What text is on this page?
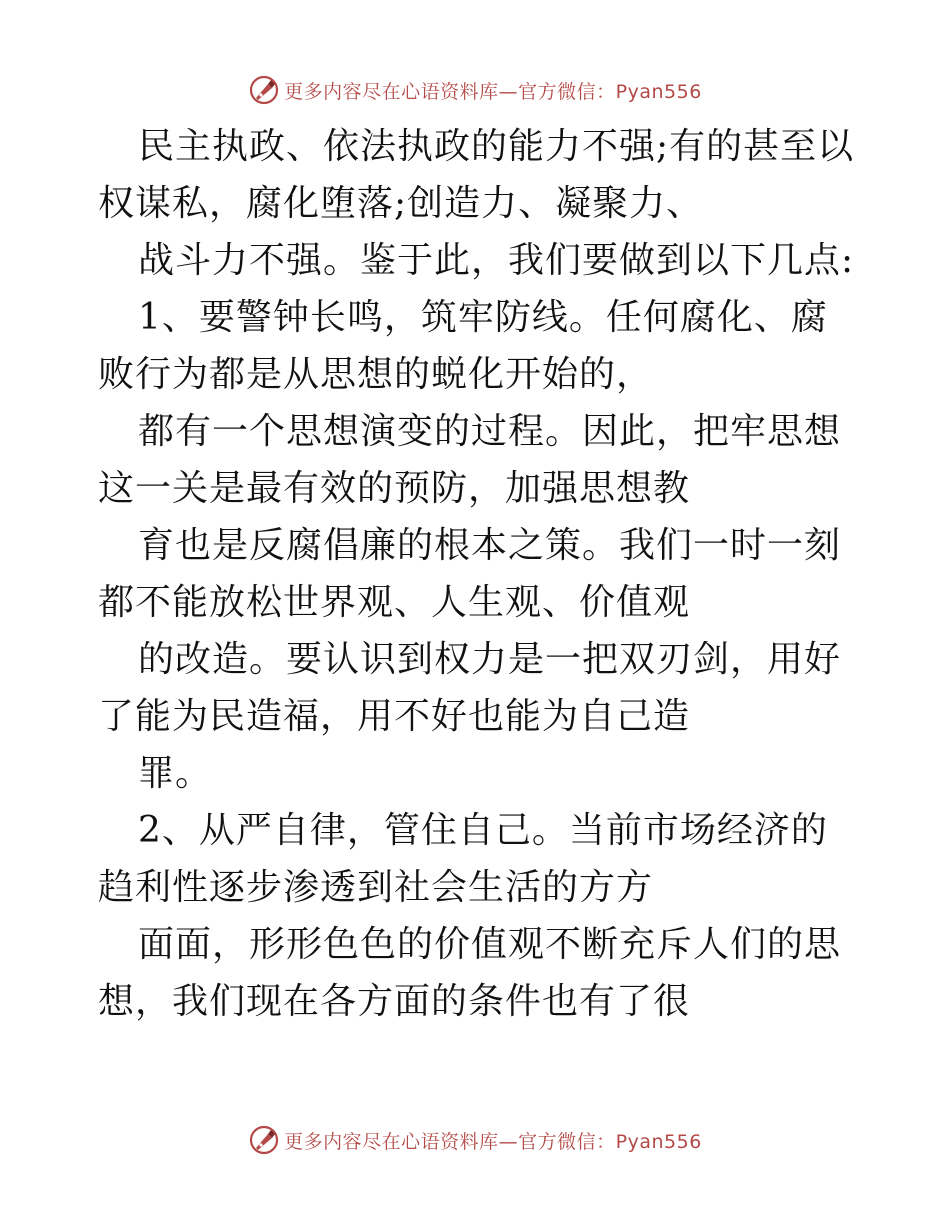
更多内容尽在心语资料库—官方微信：Pyan556

民主执政、依法执政的能力不强;有的甚至以权谋私，腐化堕落;创造力、凝聚力、

战斗力不强。鉴于此，我们要做到以下几点:

1、要警钟长鸣，筑牢防线。任何腐化、腐败行为都是从思想的蜕化开始的，

都有一个思想演变的过程。因此，把牢思想这一关是最有效的预防，加强思想教

育也是反腐倡廉的根本之策。我们一时一刻都不能放松世界观、人生观、价值观

的改造。要认识到权力是一把双刃剑，用好了能为民造福，用不好也能为自己造

罪。

2、从严自律，管住自己。当前市场经济的趋利性逐步渗透到社会生活的方方

面面，形形色色的价值观不断充斥人们的思想，我们现在各方面的条件也有了很

更多内容尽在心语资料库—官方微信：Pyan556
